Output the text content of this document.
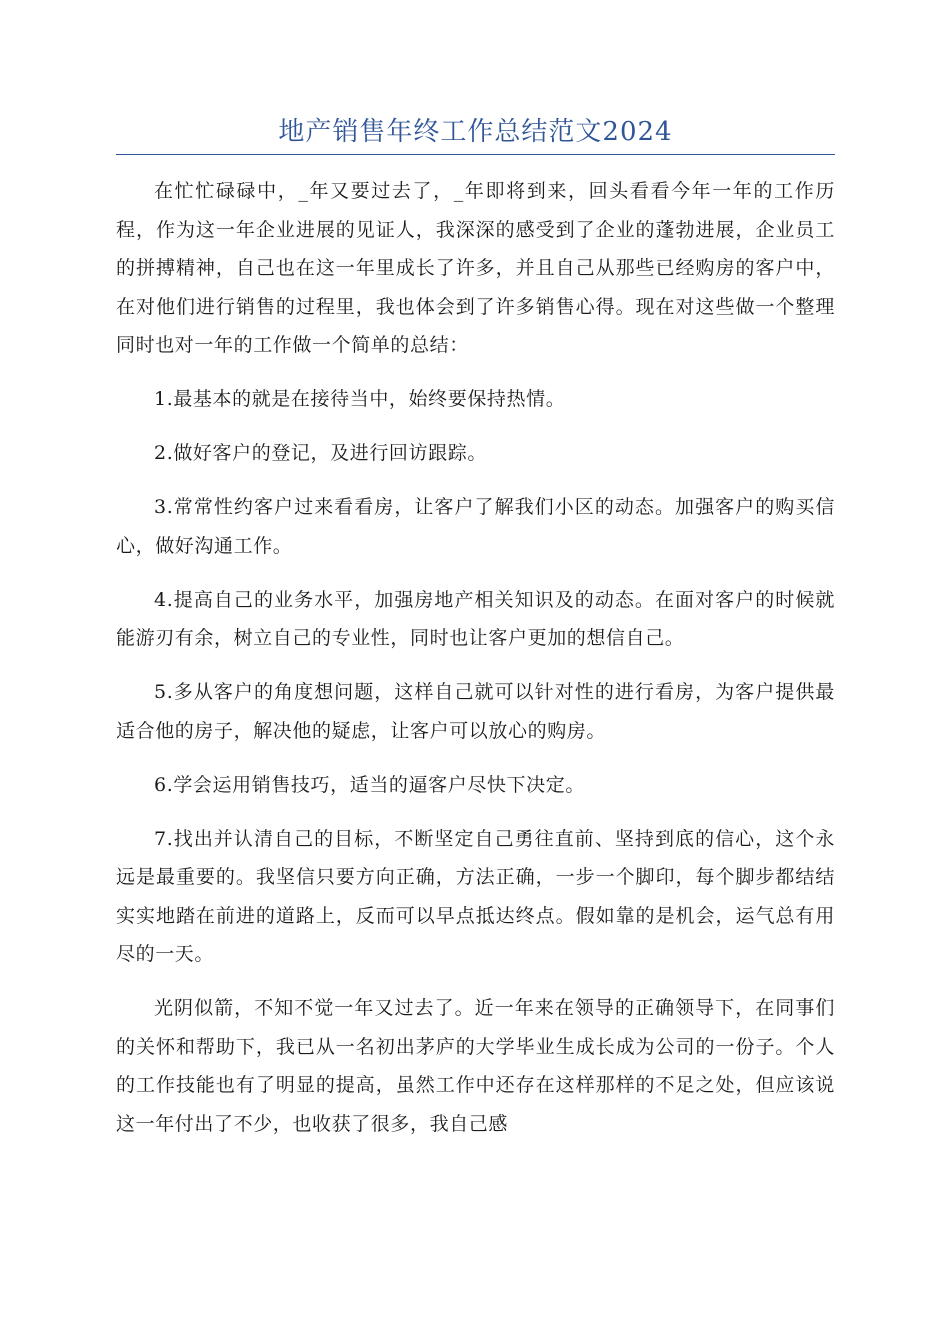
地产销售年终工作总结范文2024

在忙忙碌碌中，_年又要过去了，_年即将到来，回头看看今年一年的工作历程，作为这一年企业进展的见证人，我深深的感受到了企业的蓬勃进展，企业员工的拼搏精神，自己也在这一年里成长了许多，并且自己从那些已经购房的客户中，在对他们进行销售的过程里，我也体会到了许多销售心得。现在对这些做一个整理同时也对一年的工作做一个简单的总结：

1.最基本的就是在接待当中，始终要保持热情。

2.做好客户的登记，及进行回访跟踪。

3.常常性约客户过来看看房，让客户了解我们小区的动态。加强客户的购买信心，做好沟通工作。

4.提高自己的业务水平，加强房地产相关知识及的动态。在面对客户的时候就能游刃有余，树立自己的专业性，同时也让客户更加的想信自己。

5.多从客户的角度想问题，这样自己就可以针对性的进行看房，为客户提供最适合他的房子，解决他的疑虑，让客户可以放心的购房。

6.学会运用销售技巧，适当的逼客户尽快下决定。

7.找出并认清自己的目标，不断坚定自己勇往直前、坚持到底的信心，这个永远是最重要的。我坚信只要方向正确，方法正确，一步一个脚印，每个脚步都结结实实地踏在前进的道路上，反而可以早点抵达终点。假如靠的是机会，运气总有用尽的一天。

光阴似箭，不知不觉一年又过去了。近一年来在领导的正确领导下，在同事们的关怀和帮助下，我已从一名初出茅庐的大学毕业生成长成为公司的一份子。个人的工作技能也有了明显的提高，虽然工作中还存在这样那样的不足之处，但应该说这一年付出了不少，也收获了很多，我自己感
